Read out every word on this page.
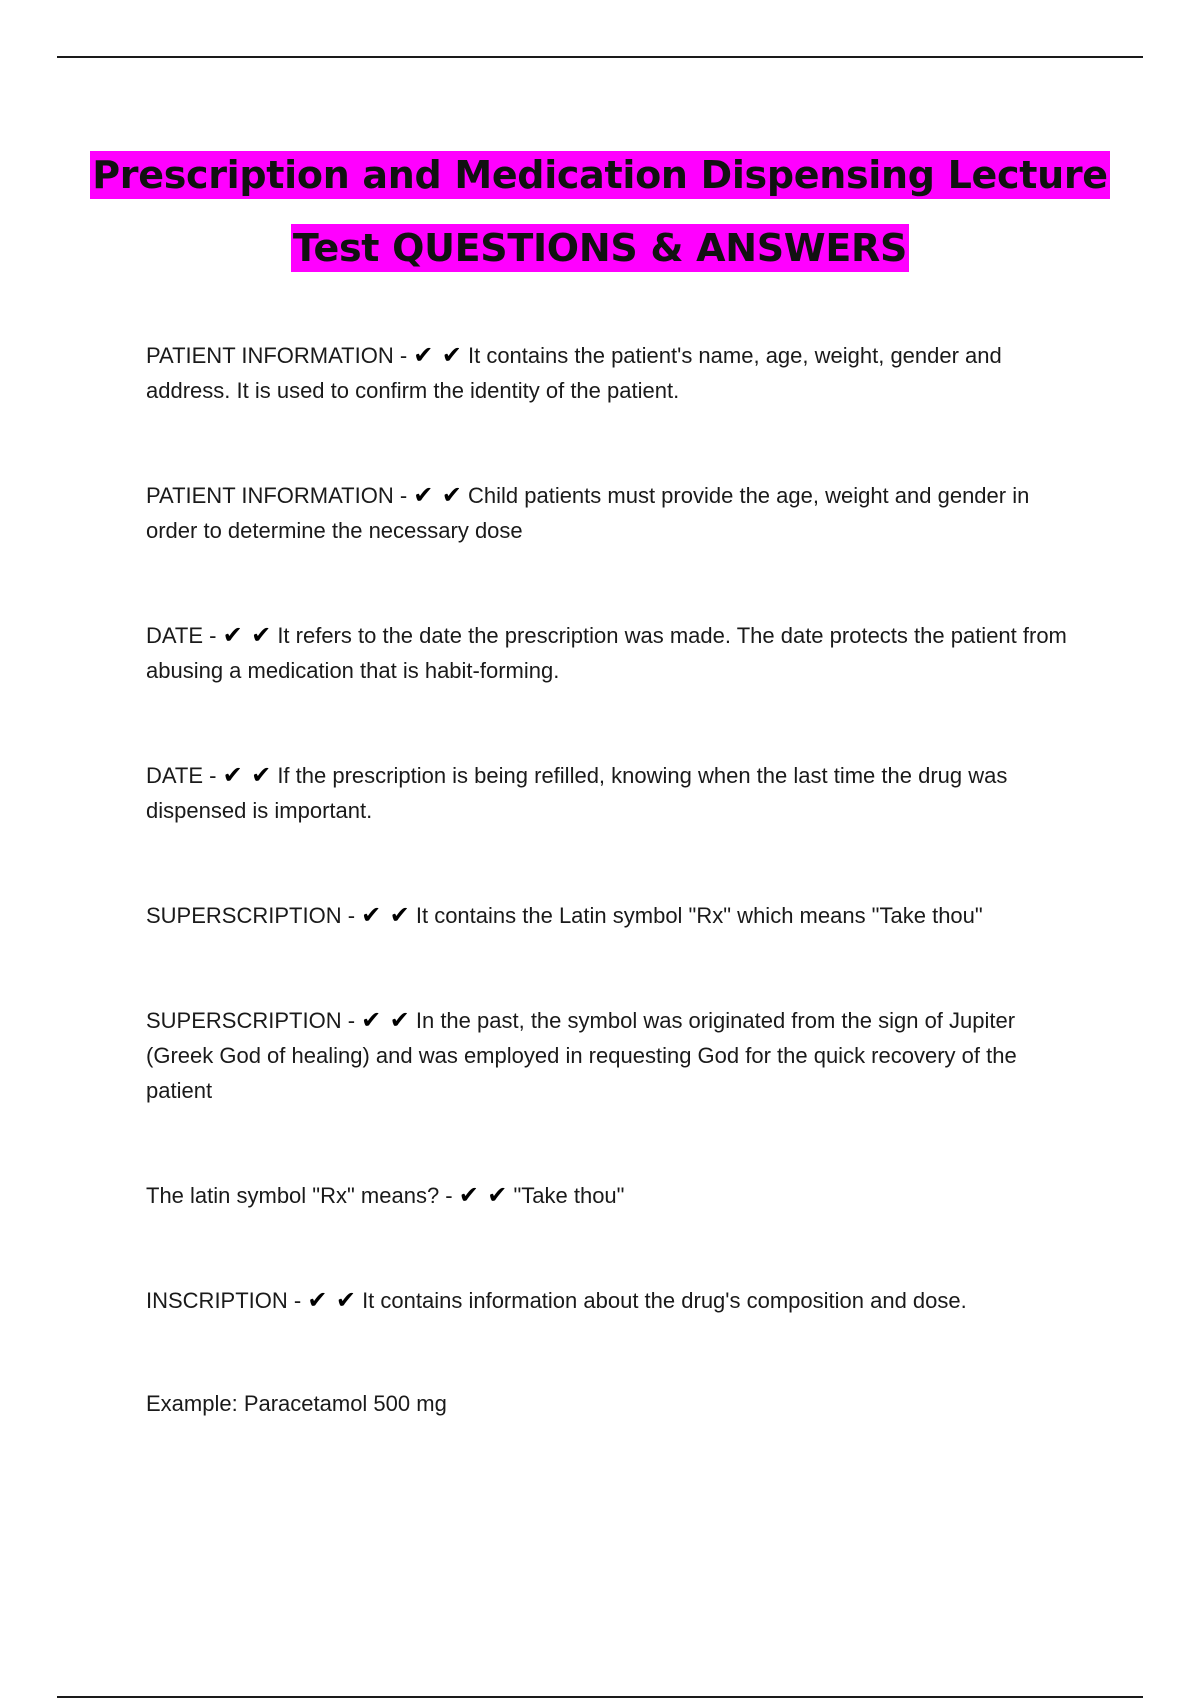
Prescription and Medication Dispensing Lecture
Test QUESTIONS & ANSWERS

PATIENT INFORMATION - ✔ ✔ It contains the patient's name, age, weight, gender and address. It is used to confirm the identity of the patient.

PATIENT INFORMATION - ✔ ✔ Child patients must provide the age, weight and gender in order to determine the necessary dose

DATE - ✔ ✔ It refers to the date the prescription was made. The date protects the patient from abusing a medication that is habit-forming.

DATE - ✔ ✔ If the prescription is being refilled, knowing when the last time the drug was dispensed is important.

SUPERSCRIPTION - ✔ ✔ It contains the Latin symbol "Rx" which means "Take thou"

SUPERSCRIPTION - ✔ ✔ In the past, the symbol was originated from the sign of Jupiter (Greek God of healing) and was employed in requesting God for the quick recovery of the patient

The latin symbol "Rx" means? - ✔ ✔ "Take thou"

INSCRIPTION - ✔ ✔ It contains information about the drug's composition and dose.

Example: Paracetamol 500 mg
